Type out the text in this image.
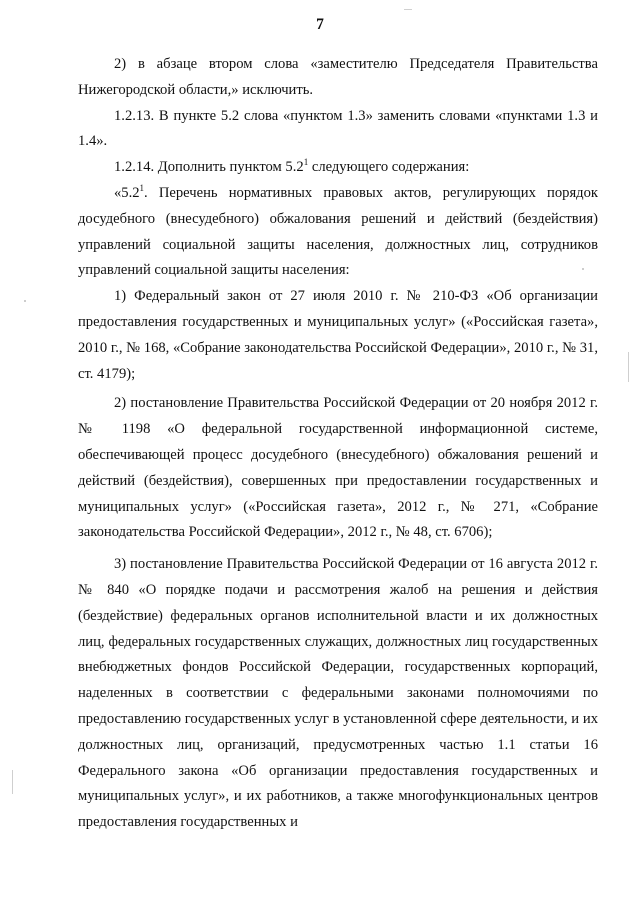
7

2) в абзаце втором слова «заместителю Председателя Правительства Нижегородской области,» исключить.

1.2.13. В пункте 5.2 слова «пунктом 1.3» заменить словами «пунктами 1.3 и 1.4».

1.2.14. Дополнить пунктом $5.2^1$ следующего содержания:

«$5.2^1$. Перечень нормативных правовых актов, регулирующих порядок досудебного (внесудебного) обжалования решений и действий (бездействия) управлений социальной защиты населения, должностных лиц, сотрудников управлений социальной защиты населения:

1) Федеральный закон от 27 июля 2010 г. № 210-ФЗ «Об организации предоставления государственных и муниципальных услуг» («Российская газета», 2010 г., № 168, «Собрание законодательства Российской Федерации», 2010 г., № 31, ст. 4179);

2) постановление Правительства Российской Федерации от 20 ноября 2012 г. № 1198 «О федеральной государственной информационной системе, обеспечивающей процесс досудебного (внесудебного) обжалования решений и действий (бездействия), совершенных при предоставлении государственных и муниципальных услуг» («Российская газета», 2012 г., № 271, «Собрание законодательства Российской Федерации», 2012 г., № 48, ст. 6706);

3) постановление Правительства Российской Федерации от 16 августа 2012 г. № 840 «О порядке подачи и рассмотрения жалоб на решения и действия (бездействие) федеральных органов исполнительной власти и их должностных лиц, федеральных государственных служащих, должностных лиц государственных внебюджетных фондов Российской Федерации, государственных корпораций, наделенных в соответствии с федеральными законами полномочиями по предоставлению государственных услуг в установленной сфере деятельности, и их должностных лиц, организаций, предусмотренных частью 1.1 статьи 16 Федерального закона «Об организации предоставления государственных и муниципальных услуг», и их работников, а также многофункциональных центров предоставления государственных и
